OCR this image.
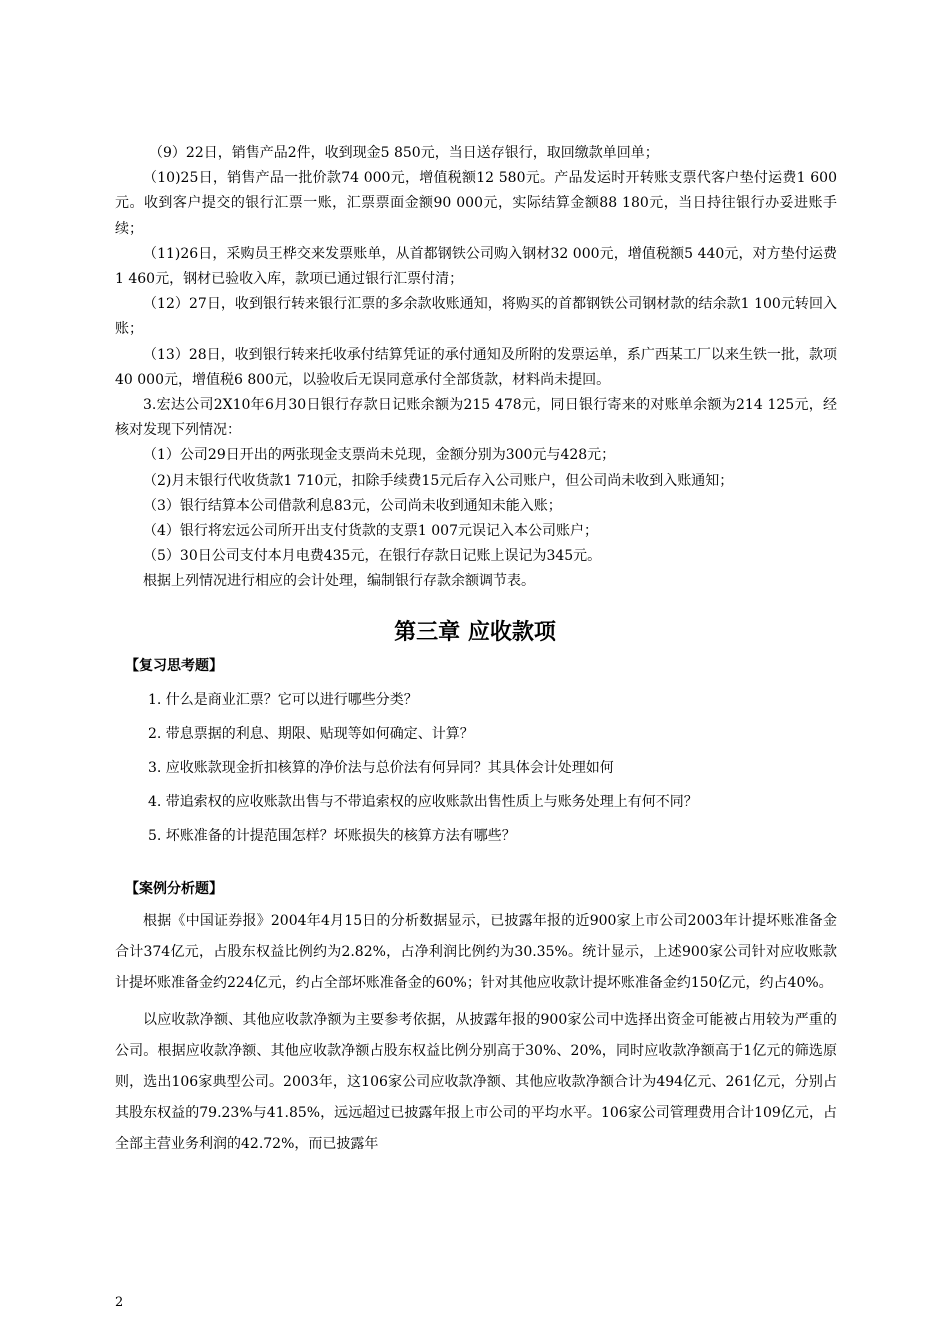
（9）22日，销售产品2件，收到现金5 850元，当日送存银行，取回缴款单回单；

（10)25日，销售产品一批价款74 000元，增值税额12 580元。产品发运时开转账支票代客户垫付运费1 600元。收到客户提交的银行汇票一账，汇票票面金额90 000元，实际结算金额88 180元，当日持往银行办妥进账手续；

（11)26日，采购员王桦交来发票账单，从首都钢铁公司购入钢材32 000元，增值税额5 440元，对方垫付运费1 460元，钢材已验收入库，款项已通过银行汇票付清；

（12）27日，收到银行转来银行汇票的多余款收账通知，将购买的首都钢铁公司钢材款的结余款1 100元转回入账；

（13）28日，收到银行转来托收承付结算凭证的承付通知及所附的发票运单，系广西某工厂以来生铁一批，款项40 000元，增值税6 800元，以验收后无误同意承付全部货款，材料尚未提回。

3.宏达公司2X10年6月30日银行存款日记账余额为215 478元，同日银行寄来的对账单余额为214 125元，经核对发现下列情况：

（1）公司29日开出的两张现金支票尚未兑现，金额分别为300元与428元；

（2)月末银行代收货款1 710元，扣除手续费15元后存入公司账户，但公司尚未收到入账通知；

（3）银行结算本公司借款利息83元，公司尚未收到通知未能入账；

（4）银行将宏远公司所开出支付货款的支票1 007元误记入本公司账户；

（5）30日公司支付本月电费435元，在银行存款日记账上误记为345元。

根据上列情况进行相应的会计处理，编制银行存款余额调节表。

第三章 应收款项

【复习思考题】

1. 什么是商业汇票？它可以进行哪些分类？

2. 带息票据的利息、期限、贴现等如何确定、计算？

3. 应收账款现金折扣核算的净价法与总价法有何异同？其具体会计处理如何

4. 带追索权的应收账款出售与不带追索权的应收账款出售性质上与账务处理上有何不同？

5. 坏账准备的计提范围怎样？坏账损失的核算方法有哪些？

【案例分析题】

根据《中国证券报》2004年4月15日的分析数据显示，已披露年报的近900家上市公司2003年计提坏账准备金合计374亿元，占股东权益比例约为2.82%，占净利润比例约为30.35%。统计显示，上述900家公司针对应收账款计提坏账准备金约224亿元，约占全部坏账准备金的60%；针对其他应收款计提坏账准备金约150亿元，约占40%。

以应收款净额、其他应收款净额为主要参考依据，从披露年报的900家公司中选择出资金可能被占用较为严重的公司。根据应收款净额、其他应收款净额占股东权益比例分别高于30%、20%，同时应收款净额高于1亿元的筛选原则，选出106家典型公司。2003年，这106家公司应收款净额、其他应收款净额合计为494亿元、261亿元，分别占其股东权益的79.23%与41.85%，远远超过已披露年报上市公司的平均水平。106家公司管理费用合计109亿元，占全部主营业务利润的42.72%，而已披露年

2
